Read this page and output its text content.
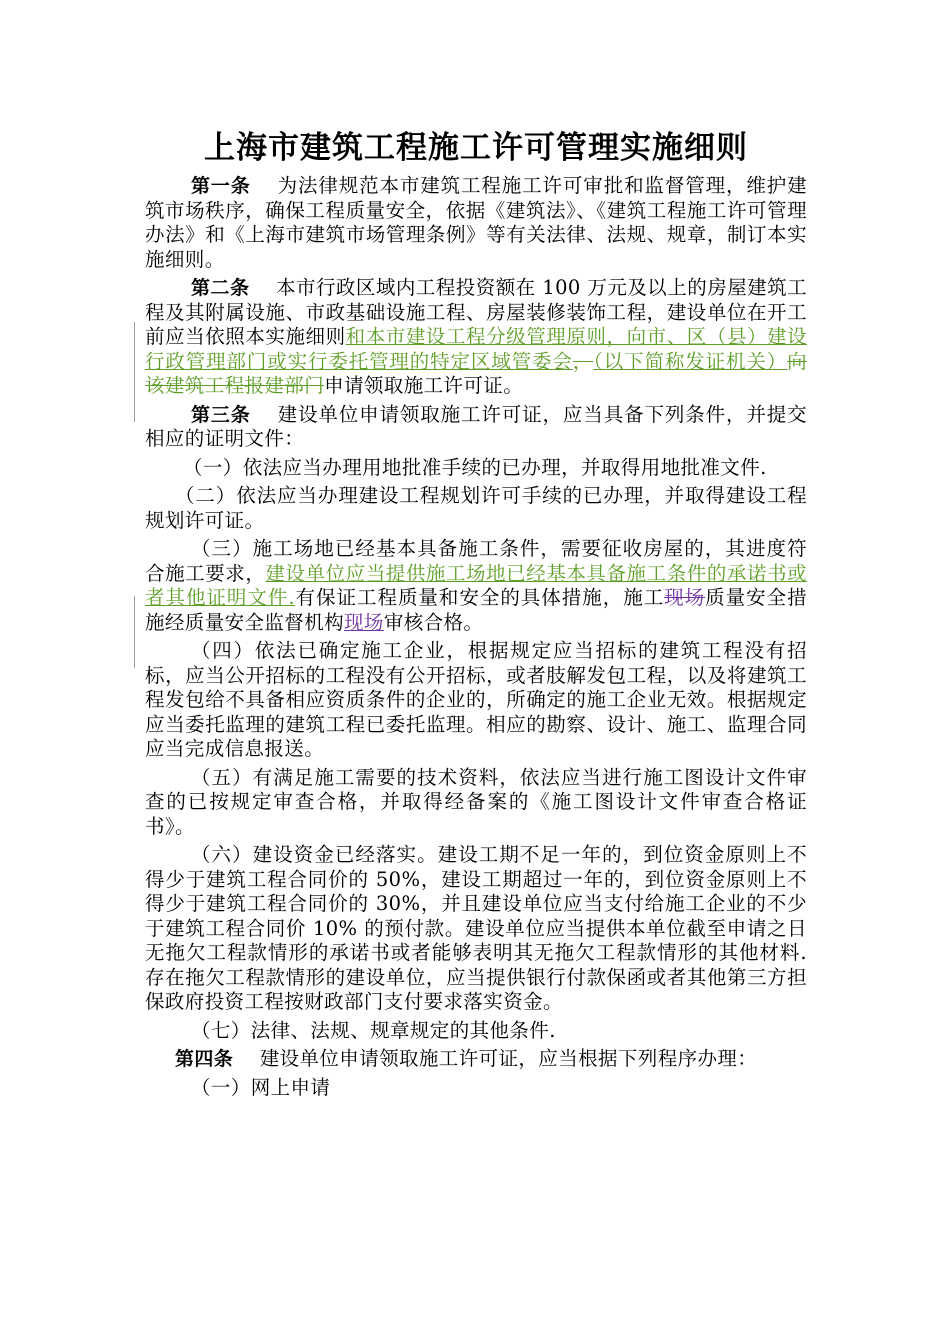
上海市建筑工程施工许可管理实施细则

第一条  为法律规范本市建筑工程施工许可审批和监督管理，维护建筑市场秩序，确保工程质量安全，依据《建筑法》、《建筑工程施工许可管理办法》和《上海市建筑市场管理条例》等有关法律、法规、规章，制订本实施细则。

第二条  本市行政区域内工程投资额在 100 万元及以上的房屋建筑工程及其附属设施、市政基础设施工程、房屋装修装饰工程，建设单位在开工前应当依照本实施细则和本市建设工程分级管理原则，向市、区（县）建设行政管理部门或实行委托管理的特定区域管委会，（以下简称发证机关）向该建筑工程报建部门申请领取施工许可证。

第三条  建设单位申请领取施工许可证，应当具备下列条件，并提交相应的证明文件：

（一）依法应当办理用地批准手续的已办理，并取得用地批准文件.

（二）依法应当办理建设工程规划许可手续的已办理，并取得建设工程规划许可证。

（三）施工场地已经基本具备施工条件，需要征收房屋的，其进度符合施工要求，建设单位应当提供施工场地已经基本具备施工条件的承诺书或者其他证明文件.有保证工程质量和安全的具体措施，施工现场质量安全措施经质量安全监督机构现场审核合格。

（四）依法已确定施工企业，根据规定应当招标的建筑工程没有招标，应当公开招标的工程没有公开招标，或者肢解发包工程，以及将建筑工程发包给不具备相应资质条件的企业的，所确定的施工企业无效。根据规定应当委托监理的建筑工程已委托监理。相应的勘察、设计、施工、监理合同应当完成信息报送。

（五）有满足施工需要的技术资料，依法应当进行施工图设计文件审查的已按规定审查合格，并取得经备案的《施工图设计文件审查合格证书》。

（六）建设资金已经落实。建设工期不足一年的，到位资金原则上不得少于建筑工程合同价的 50%，建设工期超过一年的，到位资金原则上不得少于建筑工程合同价的 30%，并且建设单位应当支付给施工企业的不少于建筑工程合同价 10% 的预付款。建设单位应当提供本单位截至申请之日无拖欠工程款情形的承诺书或者能够表明其无拖欠工程款情形的其他材料.存在拖欠工程款情形的建设单位，应当提供银行付款保函或者其他第三方担保政府投资工程按财政部门支付要求落实资金。

（七）法律、法规、规章规定的其他条件.

第四条  建设单位申请领取施工许可证，应当根据下列程序办理：

（一）网上申请
